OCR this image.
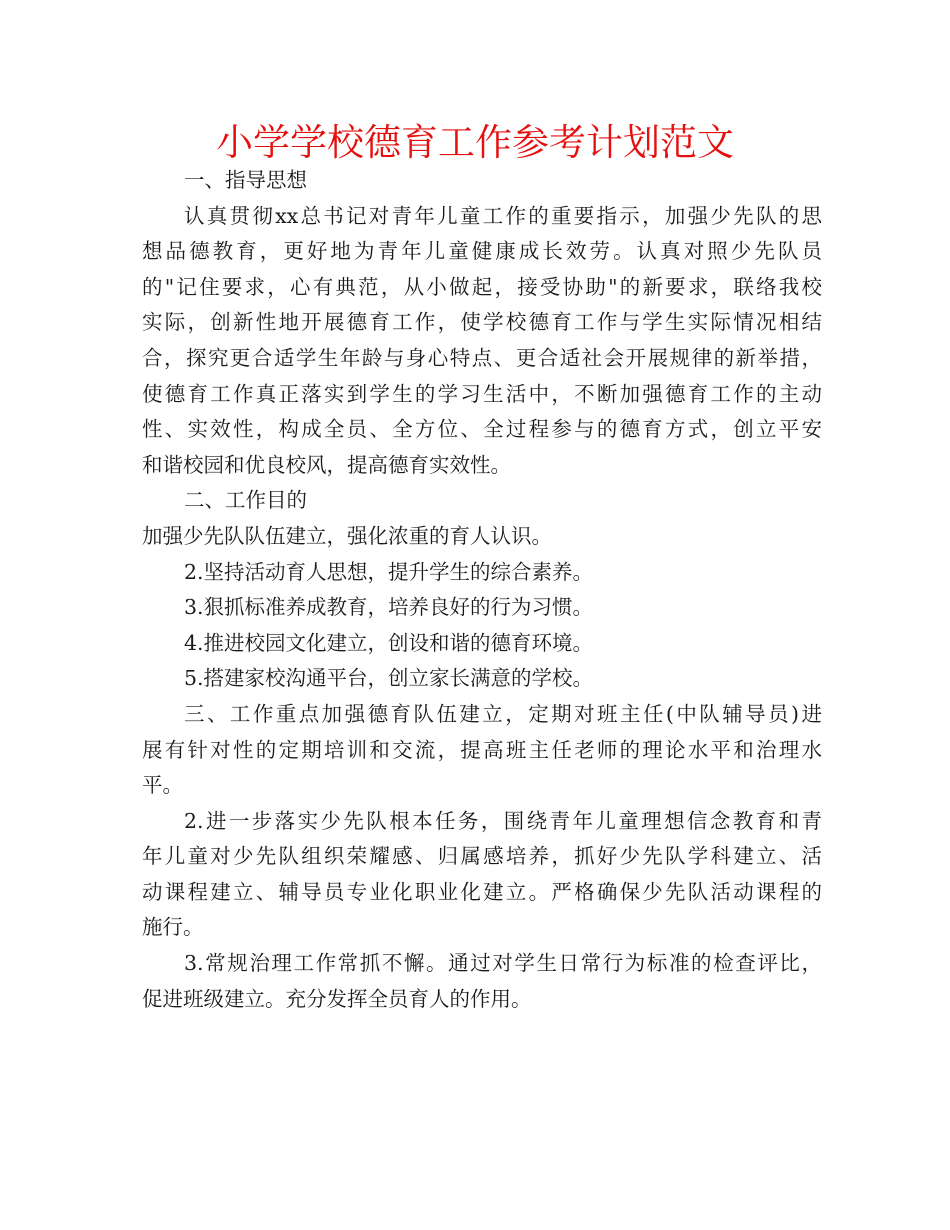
小学学校德育工作参考计划范文

一、指导思想

认真贯彻xx总书记对青年儿童工作的重要指示，加强少先队的思

想品德教育，更好地为青年儿童健康成长效劳。认真对照少先队员

的"记住要求，心有典范，从小做起，接受协助"的新要求，联络我校

实际，创新性地开展德育工作，使学校德育工作与学生实际情况相结

合，探究更合适学生年龄与身心特点、更合适社会开展规律的新举措，

使德育工作真正落实到学生的学习生活中，不断加强德育工作的主动

性、实效性，构成全员、全方位、全过程参与的德育方式，创立平安

和谐校园和优良校风，提高德育实效性。

二、工作目的

加强少先队队伍建立，强化浓重的育人认识。

2.坚持活动育人思想，提升学生的综合素养。

3.狠抓标准养成教育，培养良好的行为习惯。

4.推进校园文化建立，创设和谐的德育环境。

5.搭建家校沟通平台，创立家长满意的学校。

三、工作重点加强德育队伍建立，定期对班主任(中队辅导员)进

展有针对性的定期培训和交流，提高班主任老师的理论水平和治理水

平。

2.进一步落实少先队根本任务，围绕青年儿童理想信念教育和青

年儿童对少先队组织荣耀感、归属感培养，抓好少先队学科建立、活

动课程建立、辅导员专业化职业化建立。严格确保少先队活动课程的

施行。

3.常规治理工作常抓不懈。通过对学生日常行为标准的检查评比，

促进班级建立。充分发挥全员育人的作用。
